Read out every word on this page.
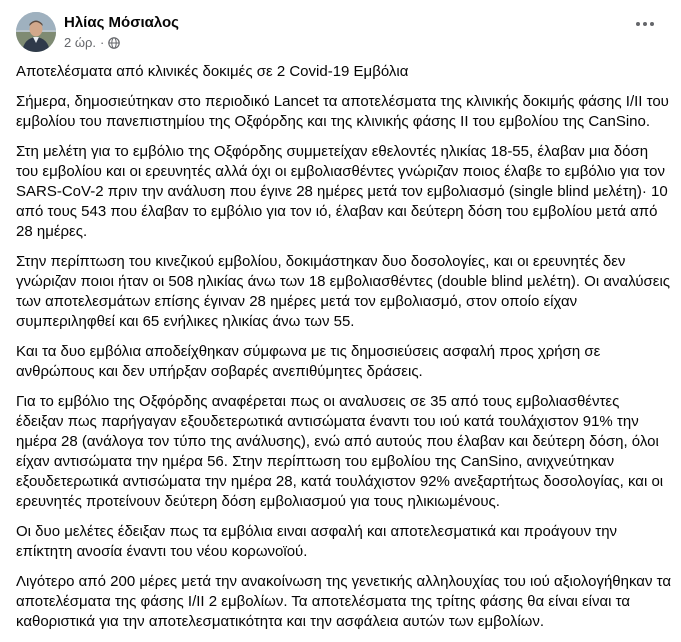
Ηλίας Μόσιαλος
2 ώρ. ·

Αποτελέσματα από κλινικές δοκιμές σε 2 Covid-19 Εμβόλια

Σήμερα, δημοσιεύτηκαν στο περιοδικό Lancet τα αποτελέσματα της κλινικής δοκιμής φάσης I/II του εμβολίου του πανεπιστημίου της Οξφόρδης και της κλινικής φάσης II του εμβολίου της CanSino.

Στη μελέτη για το εμβόλιο της Οξφόρδης συμμετείχαν εθελοντές ηλικίας 18-55, έλαβαν μια δόση του εμβολίου και οι ερευνητές αλλά όχι οι εμβολιασθέντες γνώριζαν ποιος έλαβε το εμβόλιο για τον SARS-CoV-2 πριν την ανάλυση που έγινε 28 ημέρες μετά τον εμβολιασμό (single blind μελέτη)· 10 από τους 543 που έλαβαν το εμβόλιο για τον ιό, έλαβαν και δεύτερη δόση του εμβολίου μετά από 28 ημέρες.

Στην περίπτωση του κινεζικού εμβολίου, δοκιμάστηκαν δυο δοσολογίες, και οι ερευνητές δεν γνώριζαν ποιοι ήταν οι 508 ηλικίας άνω των 18 εμβολιασθέντες (double blind μελέτη). Οι αναλύσεις των αποτελεσμάτων επίσης έγιναν 28 ημέρες μετά τον εμβολιασμό, στον οποίο είχαν συμπεριληφθεί και 65 ενήλικες ηλικίας άνω των 55.

Και τα δυο εμβόλια αποδείχθηκαν σύμφωνα με τις δημοσιεύσεις ασφαλή προς χρήση σε ανθρώπους και δεν υπήρξαν σοβαρές ανεπιθύμητες δράσεις.

Για το εμβόλιο της Οξφόρδης αναφέρεται πως οι αναλυσεις σε 35 από τους εμβολιασθέντες έδειξαν πως παρήγαγαν εξουδετερωτικά αντισώματα έναντι του ιού κατά τουλάχιστον 91% την ημέρα 28 (ανάλογα τον τύπο της ανάλυσης), ενώ από αυτούς που έλαβαν και δεύτερη δόση, όλοι είχαν αντισώματα την ημέρα 56. Στην περίπτωση του εμβολίου της CanSino, ανιχνεύτηκαν εξουδετερωτικά αντισώματα την ημέρα 28, κατά τουλάχιστον 92% ανεξαρτήτως δοσολογίας, και οι ερευνητές προτείνουν δεύτερη δόση εμβολιασμού για τους ηλικιωμένους.

Οι δυο μελέτες έδειξαν πως τα εμβόλια ειναι ασφαλή και αποτελεσματικά και προάγουν την επίκτητη ανοσία έναντι του νέου κορωνοϊού.

Λιγότερο από 200 μέρες μετά την ανακοίνωση της γενετικής αλληλουχίας του ιού αξιολογήθηκαν τα αποτελέσματα της φάσης I/II 2 εμβολίων. Τα αποτελέσματα της τρίτης φάσης θα είναι είναι τα καθοριστικά για την αποτελεσματικότητα και την ασφάλεια αυτών των εμβολίων.
